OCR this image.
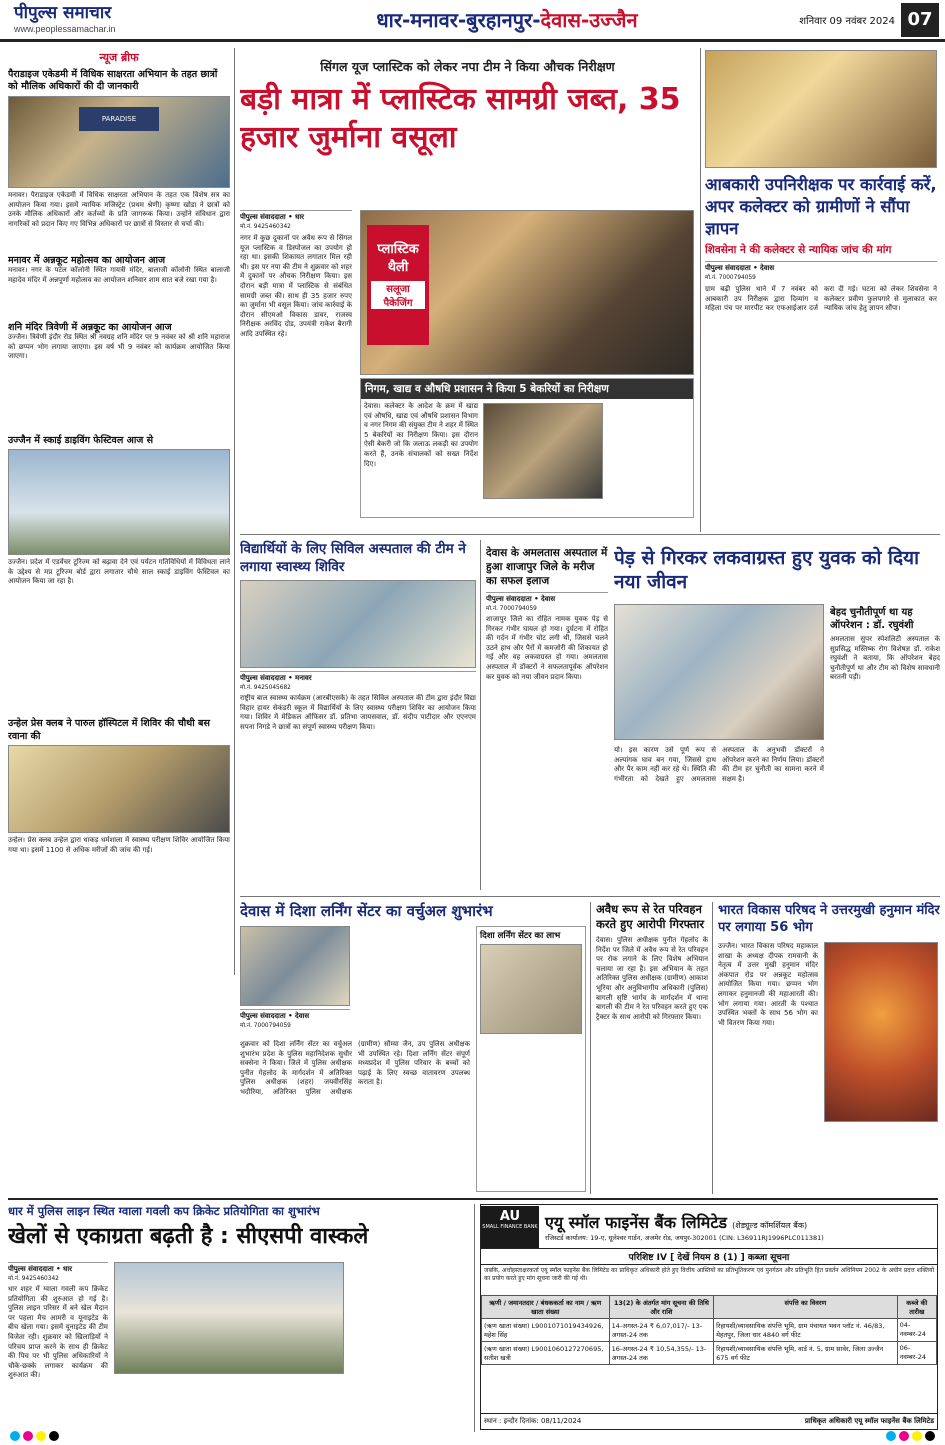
पीपुल्स समाचार
www.peoplessamachar.in	धार-मनावर-बुरहानपुर-देवास-उज्जैन	शनिवार 09 नवंबर 2024 07
न्यूज ब्रीफ
पैराडाइज एकेडमी में विधिक साक्षरता अभियान के तहत छात्रों को मौलिक अधिकारों की दी जानकारी
PARADISE
मनावर। पैराडाइज एकेडमी में विधिक साक्षरता अभियान के तहत एक विशेष सत्र का आयोजन किया गया। इसमें न्यायिक मजिस्ट्रेट (प्रथम श्रेणी) कृष्णा खोडा ने छात्रों को उनके मौलिक अधिकारों और कर्तव्यों के प्रति जागरूक किया। उन्होंने संविधान द्वारा नागरिकों को प्रदान किए गए विभिन्न अधिकारों पर छात्रों से विस्तार से चर्चा की।
मनावर में अन्नकूट महोत्सव का आयोजन आज
मनावर। नगर के पटेल कॉलोनी स्थित गायत्री मंदिर, बालाजी कॉलोनी स्थित बालाजी महादेव मंदिर में अन्नपूर्णा महोत्सव का आयोजन शनिवार शाम सात बजे रखा गया है।
शनि मंदिर त्रिवेणी में अन्नकूट का आयोजन आज
उज्जैन। त्रिवेणी इंदौर रोड स्थित श्री नवग्रह शनि मंदिर पर 9 नवंबर को श्री शनि महाराज को छप्पन भोग लगाया जाएगा। इस वर्ष भी 9 नवंबर को कार्यक्रम आयोजित किया जाएगा।
उज्जैन में स्काई डाइविंग फेस्टिवल आज से
उज्जैन। प्रदेश में एडवेंचर टूरिज्म को बढ़ावा देने एवं पर्यटन गतिविधियों में विविधता लाने के उद्देश्य से मप्र टूरिज्म बोर्ड द्वारा लगातार चौथे साल स्काई डाइविंग फेस्टिवल का आयोजन किया जा रहा है।
उन्हेल प्रेस क्लब ने पारुल हॉस्पिटल में शिविर की चौथी बस रवाना की
उन्हेल। प्रेस क्लब उन्हेल द्वारा धाकड़ धर्मशाला में स्वास्थ्य परीक्षण शिविर आयोजित किया गया था। इसमें 1100 से अधिक मरीजों की जांच की गई।
सिंगल यूज प्लास्टिक को लेकर नपा टीम ने किया औचक निरीक्षण
बड़ी मात्रा में प्लास्टिक सामग्री जब्त, 35 हजार जुर्माना वसूला
पीपुल्स संवाददाता • धार
मो.नं. 9425460342
नगर में कुछ दुकानों पर अवैध रूप से सिंगल यूज प्लास्टिक व डिस्पोजल का उपयोग हो रहा था। इसकी शिकायत लगातार मिल रही थी। इस पर नपा की टीम ने शुक्रवार को शहर में दुकानों पर औचक निरीक्षण किया। इस दौरान बड़ी मात्रा में प्लास्टिक से संबंधित सामग्री जब्त की। साथ ही 35 हजार रुपए का जुर्माना भी वसूल किया। जांच कार्रवाई के दौरान सीएमओ विकास डावर, राजस्व निरीक्षक अरविंद दोड, उपयंत्री राकेश बैरागी आदि उपस्थित रहे।
प्लास्टिक थैली
सलूजा पैकेजिंग
निगम, खाद्य व औषधि प्रशासन ने किया 5 बेकरियों का निरीक्षण
देवास। कलेक्टर के आदेश के क्रम में खाद्य एवं औषधि, खाद्य एवं औषधि प्रशासन विभाग व नगर निगम की संयुक्त टीम ने शहर में स्थित 5 बेकरियों का निरीक्षण किया। इस दौरान ऐसी बेकरी जो कि जलाऊ लकड़ी का उपयोग करते हैं, उनके संचालकों को सख्त निर्देश दिए।
आबकारी उपनिरीक्षक पर कार्रवाई करें, अपर कलेक्टर को ग्रामीणों ने सौंपा ज्ञापन
शिवसेना ने की कलेक्टर से न्यायिक जांच की मांग
पीपुल्स संवाददाता • देवास
मो.नं. 7000794059
ग्राम बढ़ी पुलिस थाने में 7 नवंबर को आबकारी उप निरीक्षक द्वारा दिव्यांग व महिला पंच पर मारपीट कर एफआईआर दर्ज करा दी गई। घटना को लेकर शिवसेना ने कलेक्टर प्रवीण फुलपगारे से मुलाकात कर न्यायिक जांच हेतु ज्ञापन सौंपा।
विद्यार्थियों के लिए सिविल अस्पताल की टीम ने लगाया स्वास्थ्य शिविर
पीपुल्स संवाददाता • मनावर
मो.नं. 9425045682
राष्ट्रीय बाल स्वास्थ्य कार्यक्रम (आरबीएसके) के तहत सिविल अस्पताल की टीम द्वारा इंदौर विद्या विहार हायर सेकंडरी स्कूल में विद्यार्थियों के लिए स्वास्थ्य परीक्षण शिविर का आयोजन किया गया। शिविर में मेडिकल ऑफिसर डॉ. प्रतिभा जायसवाल, डॉ. संदीप पाटीदार और एएनएम सपना निगडे ने छात्रों का संपूर्ण स्वास्थ्य परीक्षण किया।
देवास के अमलतास अस्पताल में हुआ शाजापुर जिले के मरीज का सफल इलाज
पीपुल्स संवाददाता • देवास
मो.नं. 7000794059
शाजापुर जिले का रोहित नामक युवक पेड़ से गिरकर गंभीर घायल हो गया। दुर्घटना में रोहित की गर्दन में गंभीर चोट लगी थी, जिससे चलने उठने हाथ और पैरों में कमजोरी की शिकायत हो गई और वह लकवाग्रस्त हो गया। अमलतास अस्पताल में डॉक्टरों ने सफलतापूर्वक ऑपरेशन कर युवक को नया जीवन प्रदान किया।
पेड़ से गिरकर लकवाग्रस्त हुए युवक को दिया नया जीवन
यो। इस कारण उसे पूर्ण रूप से अल्पांगक घाव बन गया, जिससे हाथ और पैर काम नहीं कर रहे थे। स्थिति की गंभीरता को देखते हुए अमलतास अस्पताल के अनुभवी डॉक्टरों ने ऑपरेशन करने का निर्णय लिया। डॉक्टरों की टीम हर चुनौती का सामना करने में सक्षम है।
बेहद चुनौतीपूर्ण था यह ऑपरेशन : डॉ. रघुवंशी
अमलतास सुपर स्पेशलिटी अस्पताल के सुप्रसिद्ध मस्तिष्क रोग विशेषज्ञ डॉ. राकेश रघुवंशी ने बताया, कि ऑपरेशन बेहद चुनौतीपूर्ण था और टीम को विशेष सावधानी बरतनी पड़ी।
देवास में दिशा लर्निंग सेंटर का वर्चुअल शुभारंभ
पीपुल्स संवाददाता • देवास
मो.नं. 7000794059
शुक्रवार को दिशा लर्निंग सेंटर का वर्चुअल शुभारंभ प्रदेश के पुलिस महानिदेशक सुधीर सक्सेना ने किया। जिले में पुलिस अधीक्षक पुनीत गेहलोद के मार्गदर्शन में अतिरिक्त पुलिस अधीक्षक (शहर) जयवीरसिंह भदौरिया, अतिरिक्त पुलिस अधीक्षक (ग्रामीण) सौम्या जैन, उप पुलिस अधीक्षक भी उपस्थित रहे। दिशा लर्निंग सेंटर संपूर्ण मध्यप्रदेश में पुलिस परिवार के बच्चों को पढ़ाई के लिए स्वच्छ वातावरण उपलब्ध कराता है।
दिशा लर्निंग सेंटर का लाभ
अवैध रूप से रेत परिवहन करते हुए आरोपी गिरफ्तार
देवास। पुलिस अधीक्षक पुनीत गेहलोद के निर्देश पर जिले में अवैध रूप से रेत परिवहन पर रोक लगाने के लिए विशेष अभियान चलाया जा रहा है। इस अभियान के तहत अतिरिक्त पुलिस अधीक्षक (ग्रामीण) आकाश भूरिया और अनुविभागीय अधिकारी (पुलिस) बागली सृष्टि भार्गव के मार्गदर्शन में थाना बागली की टीम ने रेत परिवहन करते हुए एक ट्रैक्टर के साथ आरोपी को गिरफ्तार किया।
भारत विकास परिषद ने उत्तरमुखी हनुमान मंदिर पर लगाया 56 भोग
उज्जैन। भारत विकास परिषद महाकाल शाखा के अध्यक्ष दीपक रामवानी के नेतृत्व में उत्तर मुखी हनुमान मंदिर अंकपात रोड पर अन्नकूट महोत्सव आयोजित किया गया। छप्पन भोग लगाकर हनुमानजी की महाआरती की। भोग लगाया गया। आरती के पश्चात उपस्थित भक्तों के साथ 56 भोग का भी वितरण किया गया।
धार में पुलिस लाइन स्थित ग्वाला गवली कप क्रिकेट प्रतियोगिता का शुभारंभ
खेलों से एकाग्रता बढ़ती है : सीएसपी वास्कले
पीपुल्स संवाददाता • धार
मो.नं. 9425460342
धार शहर में ग्वाला गवली कप क्रिकेट प्रतियोगिता की शुरुआत हो गई है। पुलिस लाइन परिसर में बने खेल मैदान पर पहला मैच आमरी व यूनाइटेड के बीच खेला गया। इसमें यूनाइटेड की टीम विजेता रही। शुक्रवार को खिलाड़ियों ने परिचय प्राप्त करने के साथ ही क्रिकेट की पिच पर भी पुलिस अधिकारियों ने चौके-छक्के लगाकर कार्यक्रम की शुरुआत की।
AU
SMALL FINANCE BANK एयू स्मॉल फाइनेंस बैंक लिमिटेड (शेड्यूल्ड कॉमर्शियल बैंक)
रजिस्टर्ड कार्यालय: 19-ए, धूलेश्वर गार्डन, अजमेर रोड, जयपुर-302001 (CIN: L36911RJ1996PLC011381)
परिशिष्ट IV [ देखें नियम 8 (1) ] कब्जा सूचना
जबकि, अधोहस्ताक्षरकर्ता एयू स्मॉल फाइनेंस बैंक लिमिटेड का प्राधिकृत अधिकारी होते हुए वित्तीय आस्तियों का प्रतिभूतिकरण एवं पुनर्गठन और प्रतिभूति हित प्रवर्तन अधिनियम 2002 के अधीन प्रदत्त शक्तियों का प्रयोग करते हुए मांग सूचना जारी की गई थी।
ऋणी / जमानतदार / बंधककर्ता का नाम / ऋण खाता संख्या	13(2) के अंतर्गत मांग सूचना की तिथि और राशि	संपत्ति का विवरण	कब्जे की तारीख
(ऋण खाता संख्या) L9001071019434926, महेश सिंह	14-अगस्त-24 ₹ 6,07,017/- 13-अगस्त-24 तक	रिहायशी/व्यावसायिक संपत्ति भूमि, ग्राम पंचायत भवन प्लॉट नं. 46/83, मेहतपुर, जिला धार 4840 वर्ग फीट	04-नवम्बर-24
(ऋण खाता संख्या) L9001060127270695, सतीश खत्री	16-अगस्त-24 ₹ 10,54,355/- 13-अगस्त-24 तक	रिहायशी/व्यावसायिक संपत्ति भूमि, वार्ड नं. 5, ग्राम सावेर, जिला उज्जैन 675 वर्ग फीट	06-नवम्बर-24
स्थान : इन्दौर दिनांक: 08/11/2024	प्राधिकृत अधिकारी एयू स्मॉल फाइनेंस बैंक लिमिटेड
